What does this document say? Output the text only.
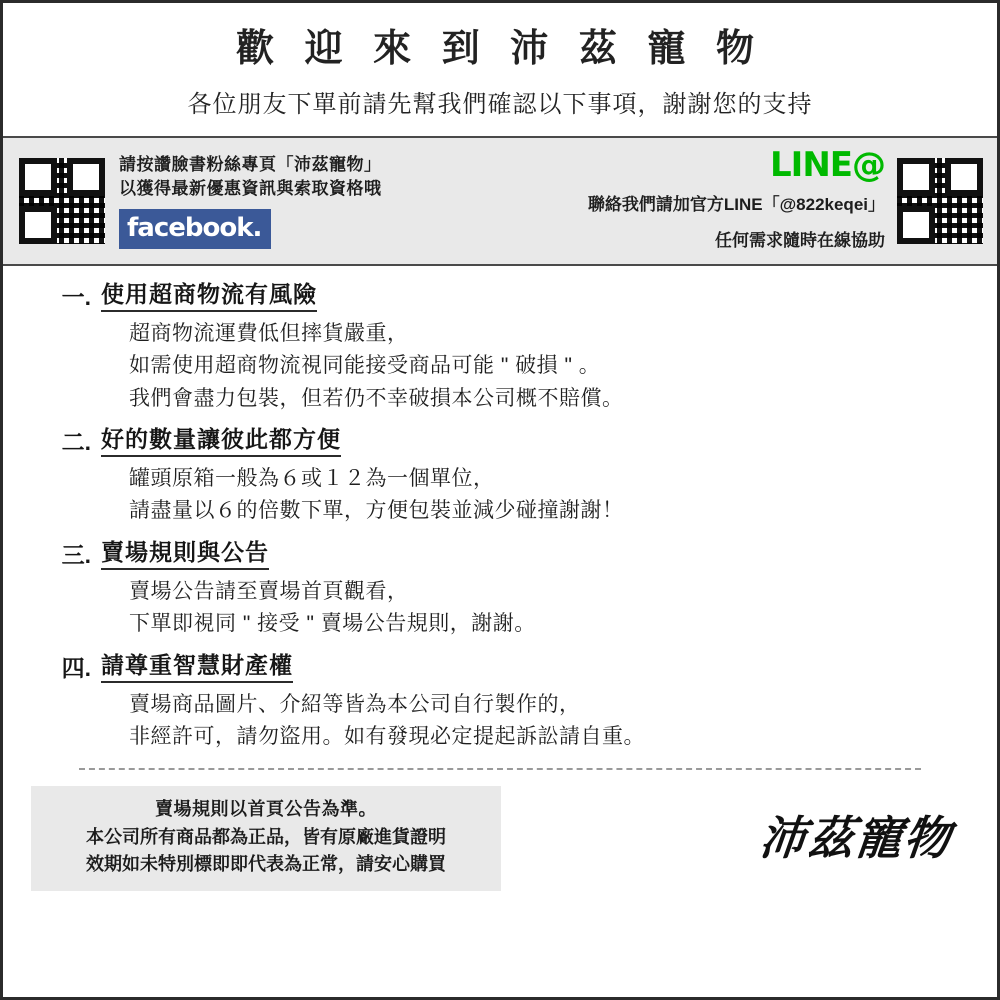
歡 迎 來 到 沛 茲 寵 物
各位朋友下單前請先幫我們確認以下事項，謝謝您的支持
請按讚臉書粉絲專頁「沛茲寵物」
以獲得最新優惠資訊與索取資格哦
facebook.
LINE@
聯絡我們請加官方LINE「@822keqei」
任何需求隨時在線協助
一. 使用超商物流有風險
超商物流運費低但摔貨嚴重，
如需使用超商物流視同能接受商品可能 " 破損 " 。
我們會盡力包裝，但若仍不幸破損本公司概不賠償。
二. 好的數量讓彼此都方便
罐頭原箱一般為６或１２為一個單位，
請盡量以６的倍數下單，方便包裝並減少碰撞謝謝！
三. 賣場規則與公告
賣場公告請至賣場首頁觀看，
下單即視同 " 接受 " 賣場公告規則，謝謝。
四. 請尊重智慧財產權
賣場商品圖片、介紹等皆為本公司自行製作的，
非經許可，請勿盜用。如有發現必定提起訴訟請自重。
賣場規則以首頁公告為準。
本公司所有商品都為正品，皆有原廠進貨證明
效期如未特別標即即代表為正常，請安心購買
沛茲寵物
